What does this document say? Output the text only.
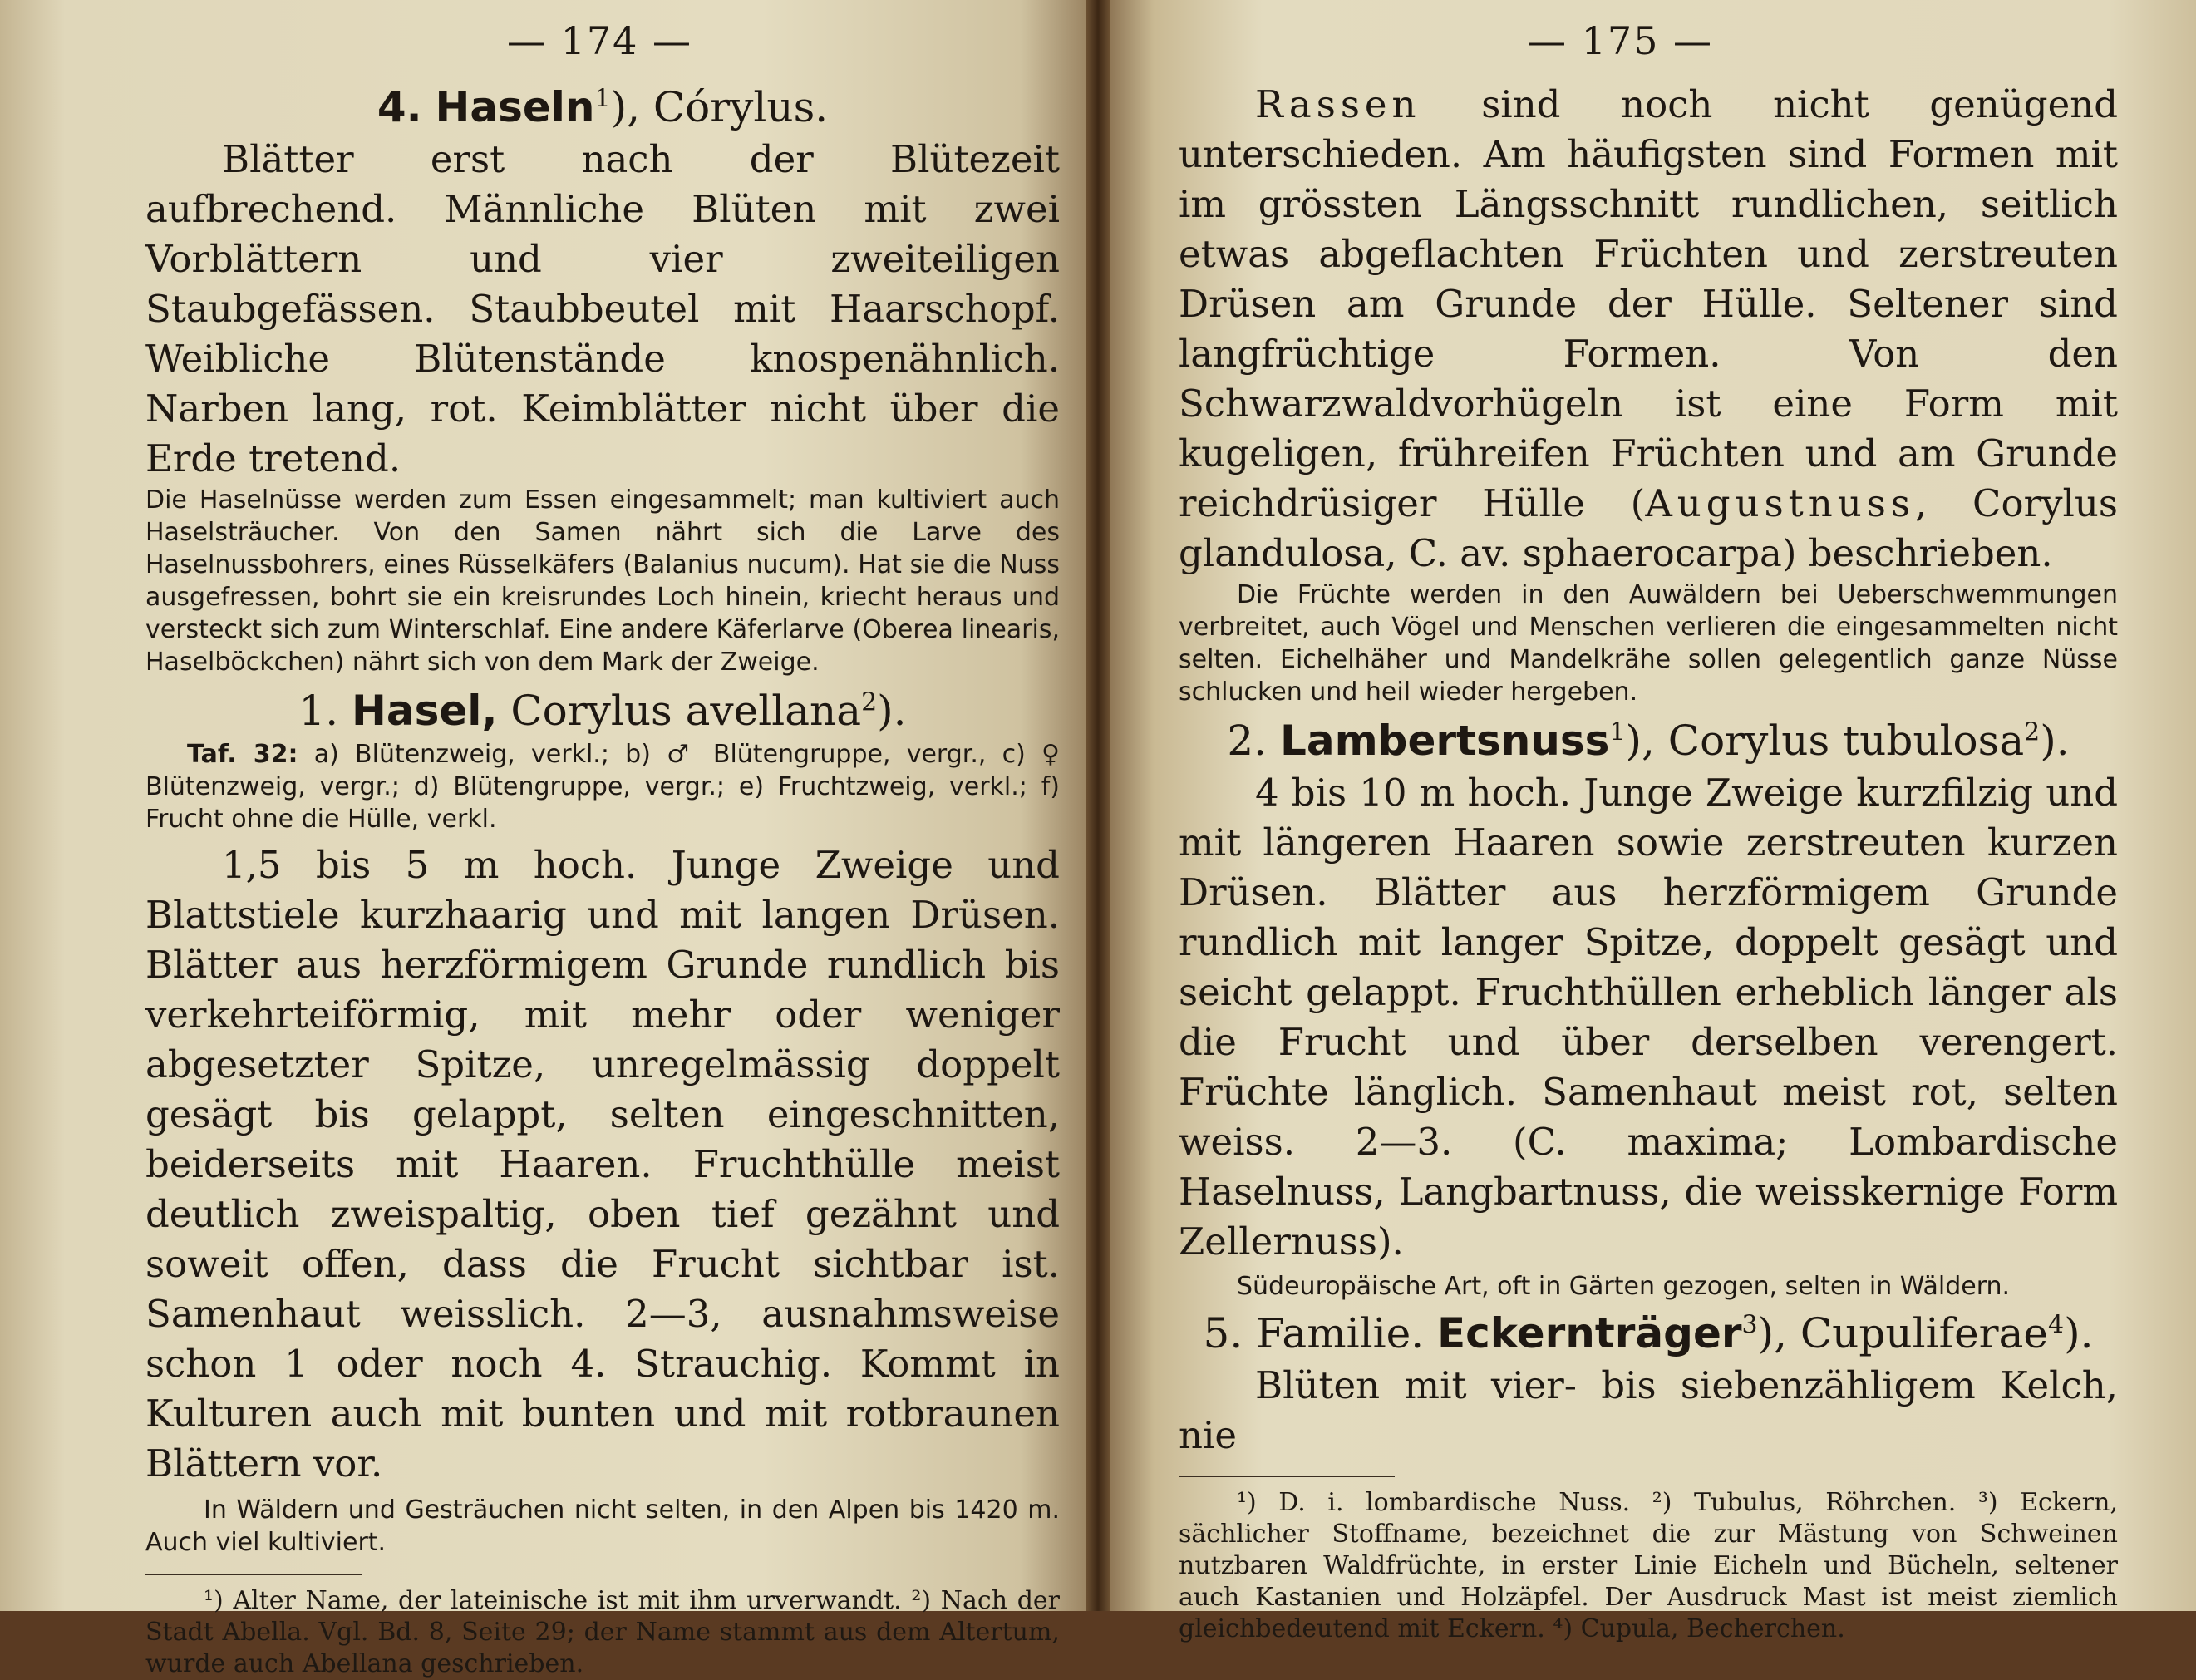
— 174 —

4. Haseln$^1$), Córylus.

Blätter erst nach der Blütezeit aufbrechend. Männliche Blüten mit zwei Vorblättern und vier zweiteiligen Staubgefässen. Staubbeutel mit Haarschopf. Weibliche Blütenstände knospenähnlich. Narben lang, rot. Keimblätter nicht über die Erde tretend.

Die Haselnüsse werden zum Essen eingesammelt; man kultiviert auch Haselsträucher. Von den Samen nährt sich die Larve des Haselnussbohrers, eines Rüsselkäfers (Balanius nucum). Hat sie die Nuss ausgefressen, bohrt sie ein kreisrundes Loch hinein, kriecht heraus und versteckt sich zum Winterschlaf. Eine andere Käferlarve (Oberea linearis, Haselböckchen) nährt sich von dem Mark der Zweige.

1. Hasel, Corylus avellana$^2$).

Taf. 32: a) Blütenzweig, verkl.; b) ♂ Blütengruppe, vergr., c) ♀ Blütenzweig, vergr.; d) Blütengruppe, vergr.; e) Fruchtzweig, verkl.; f) Frucht ohne die Hülle, verkl.

1,5 bis 5 m hoch. Junge Zweige und Blattstiele kurzhaarig und mit langen Drüsen. Blätter aus herzförmigem Grunde rundlich bis verkehrteiförmig, mit mehr oder weniger abgesetzter Spitze, unregelmässig doppelt gesägt bis gelappt, selten eingeschnitten, beiderseits mit Haaren. Fruchthülle meist deutlich zweispaltig, oben tief gezähnt und soweit offen, dass die Frucht sichtbar ist. Samenhaut weisslich. 2—3, ausnahmsweise schon 1 oder noch 4. Strauchig. Kommt in Kulturen auch mit bunten und mit rotbraunen Blättern vor.

In Wäldern und Gesträuchen nicht selten, in den Alpen bis 1420 m. Auch viel kultiviert.

¹) Alter Name, der lateinische ist mit ihm urverwandt. ²) Nach der Stadt Abella. Vgl. Bd. 8, Seite 29; der Name stammt aus dem Altertum, wurde auch Abellana geschrieben.

— 175 —

Rassen sind noch nicht genügend unterschieden. Am häufigsten sind Formen mit im grössten Längsschnitt rundlichen, seitlich etwas abgeflachten Früchten und zerstreuten Drüsen am Grunde der Hülle. Seltener sind langfrüchtige Formen. Von den Schwarzwaldvorhügeln ist eine Form mit kugeligen, frühreifen Früchten und am Grunde reichdrüsiger Hülle (Augustnuss, Corylus glandulosa, C. av. sphaerocarpa) beschrieben.

Die Früchte werden in den Auwäldern bei Ueberschwemmungen verbreitet, auch Vögel und Menschen verlieren die eingesammelten nicht selten. Eichelhäher und Mandelkrähe sollen gelegentlich ganze Nüsse schlucken und heil wieder hergeben.

2. Lambertsnuss$^1$), Corylus tubulosa$^2$).

4 bis 10 m hoch. Junge Zweige kurzfilzig und mit längeren Haaren sowie zerstreuten kurzen Drüsen. Blätter aus herzförmigem Grunde rundlich mit langer Spitze, doppelt gesägt und seicht gelappt. Fruchthüllen erheblich länger als die Frucht und über derselben verengert. Früchte länglich. Samenhaut meist rot, selten weiss. 2—3. (C. maxima; Lombardische Haselnuss, Langbartnuss, die weisskernige Form Zellernuss).

Südeuropäische Art, oft in Gärten gezogen, selten in Wäldern.

5. Familie. Eckernträger$^3$), Cupuliferae$^4$).

Blüten mit vier- bis siebenzähligem Kelch, nie

¹) D. i. lombardische Nuss. ²) Tubulus, Röhrchen. ³) Eckern, sächlicher Stoffname, bezeichnet die zur Mästung von Schweinen nutzbaren Waldfrüchte, in erster Linie Eicheln und Bücheln, seltener auch Kastanien und Holzäpfel. Der Ausdruck Mast ist meist ziemlich gleichbedeutend mit Eckern. ⁴) Cupula, Becherchen.
